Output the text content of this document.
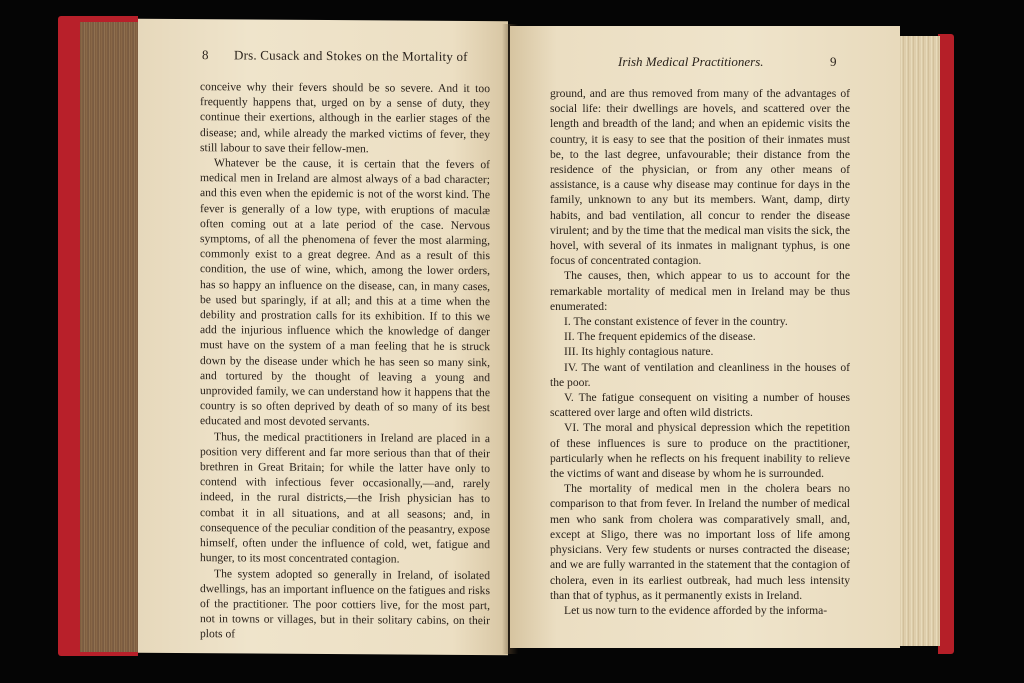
8 Drs. Cusack and Stokes on the Mortality of

conceive why their fevers should be so severe. And it too frequently happens that, urged on by a sense of duty, they continue their exertions, although in the earlier stages of the disease; and, while already the marked victims of fever, they still labour to save their fellow-men.

Whatever be the cause, it is certain that the fevers of medical men in Ireland are almost always of a bad character; and this even when the epidemic is not of the worst kind. The fever is generally of a low type, with eruptions of maculæ often coming out at a late period of the case. Nervous symptoms, of all the phenomena of fever the most alarming, commonly exist to a great degree. And as a result of this condition, the use of wine, which, among the lower orders, has so happy an influence on the disease, can, in many cases, be used but sparingly, if at all; and this at a time when the debility and prostration calls for its exhibition. If to this we add the injurious influence which the knowledge of danger must have on the system of a man feeling that he is struck down by the disease under which he has seen so many sink, and tortured by the thought of leaving a young and unprovided family, we can understand how it happens that the country is so often deprived by death of so many of its best educated and most devoted servants.

Thus, the medical practitioners in Ireland are placed in a position very different and far more serious than that of their brethren in Great Britain; for while the latter have only to contend with infectious fever occasionally,—and, rarely indeed, in the rural districts,—the Irish physician has to combat it in all situations, and at all seasons; and, in consequence of the peculiar condition of the peasantry, expose himself, often under the influence of cold, wet, fatigue and hunger, to its most concentrated contagion.

The system adopted so generally in Ireland, of isolated dwellings, has an important influence on the fatigues and risks of the practitioner. The poor cottiers live, for the most part, not in towns or villages, but in their solitary cabins, on their plots of

Irish Medical Practitioners.	9

ground, and are thus removed from many of the advantages of social life: their dwellings are hovels, and scattered over the length and breadth of the land; and when an epidemic visits the country, it is easy to see that the position of their inmates must be, to the last degree, unfavourable; their distance from the residence of the physician, or from any other means of assistance, is a cause why disease may continue for days in the family, unknown to any but its members. Want, damp, dirty habits, and bad ventilation, all concur to render the disease virulent; and by the time that the medical man visits the sick, the hovel, with several of its inmates in malignant typhus, is one focus of concentrated contagion.

The causes, then, which appear to us to account for the remarkable mortality of medical men in Ireland may be thus enumerated:

I. The constant existence of fever in the country.

II. The frequent epidemics of the disease.

III. Its highly contagious nature.

IV. The want of ventilation and cleanliness in the houses of the poor.

V. The fatigue consequent on visiting a number of houses scattered over large and often wild districts.

VI. The moral and physical depression which the repetition of these influences is sure to produce on the practitioner, particularly when he reflects on his frequent inability to relieve the victims of want and disease by whom he is surrounded.

The mortality of medical men in the cholera bears no comparison to that from fever. In Ireland the number of medical men who sank from cholera was comparatively small, and, except at Sligo, there was no important loss of life among physicians. Very few students or nurses contracted the disease; and we are fully warranted in the statement that the contagion of cholera, even in its earliest outbreak, had much less intensity than that of typhus, as it permanently exists in Ireland.

Let us now turn to the evidence afforded by the informa-
